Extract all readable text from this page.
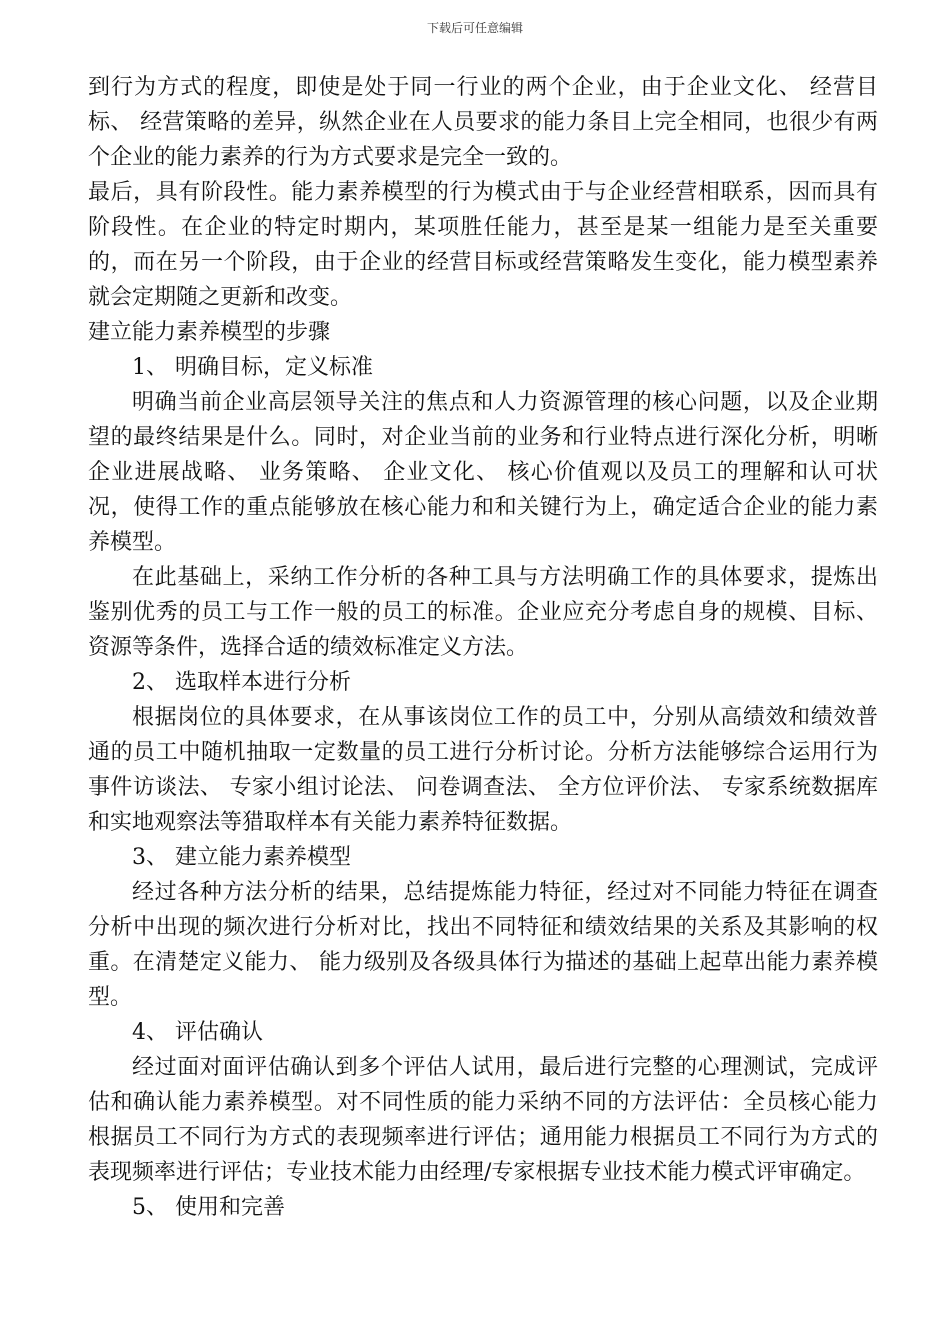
下载后可任意编辑

到行为方式的程度，即使是处于同一行业的两个企业，由于企业文化、 经营目标、 经营策略的差异，纵然企业在人员要求的能力条目上完全相同，也很少有两个企业的能力素养的行为方式要求是完全一致的。

最后，具有阶段性。能力素养模型的行为模式由于与企业经营相联系，因而具有阶段性。在企业的特定时期内，某项胜任能力，甚至是某一组能力是至关重要的，而在另一个阶段，由于企业的经营目标或经营策略发生变化，能力模型素养就会定期随之更新和改变。

建立能力素养模型的步骤

1、 明确目标，定义标准

明确当前企业高层领导关注的焦点和人力资源管理的核心问题，以及企业期望的最终结果是什么。同时，对企业当前的业务和行业特点进行深化分析，明晰企业进展战略、 业务策略、 企业文化、 核心价值观以及员工的理解和认可状况，使得工作的重点能够放在核心能力和和关键行为上，确定适合企业的能力素养模型。

在此基础上，采纳工作分析的各种工具与方法明确工作的具体要求，提炼出鉴别优秀的员工与工作一般的员工的标准。企业应充分考虑自身的规模、目标、 资源等条件，选择合适的绩效标准定义方法。

2、 选取样本进行分析

根据岗位的具体要求，在从事该岗位工作的员工中，分别从高绩效和绩效普通的员工中随机抽取一定数量的员工进行分析讨论。分析方法能够综合运用行为事件访谈法、 专家小组讨论法、 问卷调查法、 全方位评价法、 专家系统数据库和实地观察法等猎取样本有关能力素养特征数据。

3、 建立能力素养模型

经过各种方法分析的结果，总结提炼能力特征，经过对不同能力特征在调查分析中出现的频次进行分析对比，找出不同特征和绩效结果的关系及其影响的权重。在清楚定义能力、 能力级别及各级具体行为描述的基础上起草出能力素养模型。

4、 评估确认

经过面对面评估确认到多个评估人试用，最后进行完整的心理测试，完成评估和确认能力素养模型。对不同性质的能力采纳不同的方法评估：全员核心能力根据员工不同行为方式的表现频率进行评估；通用能力根据员工不同行为方式的表现频率进行评估；专业技术能力由经理/专家根据专业技术能力模式评审确定。

5、 使用和完善
